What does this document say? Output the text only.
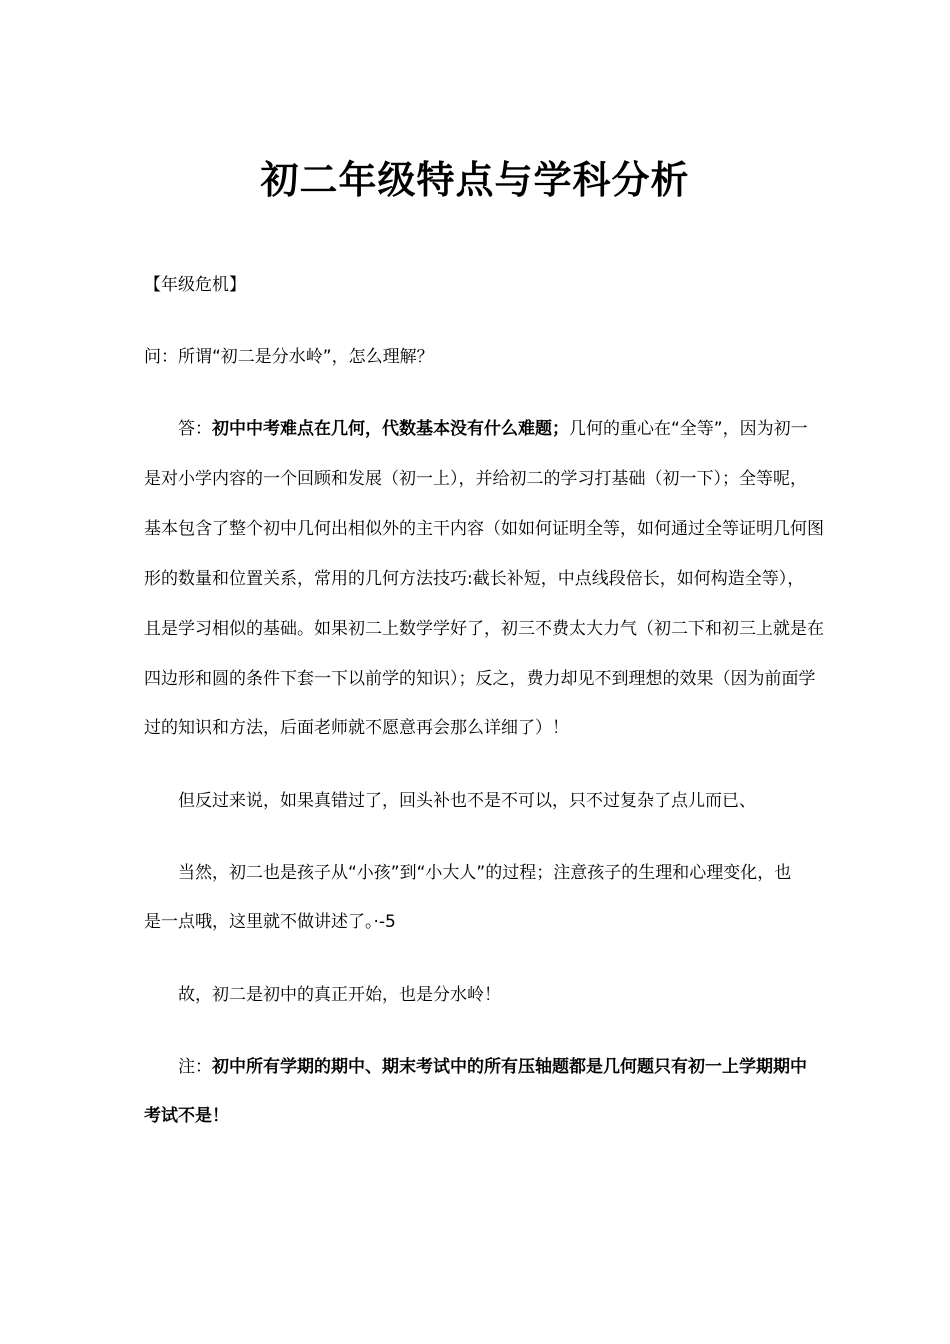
初二年级特点与学科分析
【年级危机】
问：所谓“初二是分水岭”，怎么理解？
答：初中中考难点在几何，代数基本没有什么难题；几何的重心在“全等”，因为初一
是对小学内容的一个回顾和发展（初一上），并给初二的学习打基础（初一下）；全等呢，
基本包含了整个初中几何出相似外的主干内容（如如何证明全等，如何通过全等证明几何图
形的数量和位置关系，常用的几何方法技巧:截长补短，中点线段倍长，如何构造全等），
且是学习相似的基础。如果初二上数学学好了，初三不费太大力气（初二下和初三上就是在
四边形和圆的条件下套一下以前学的知识）；反之，费力却见不到理想的效果（因为前面学
过的知识和方法，后面老师就不愿意再会那么详细了）！
但反过来说，如果真错过了，回头补也不是不可以，只不过复杂了点儿而已、
当然，初二也是孩子从“小孩”到“小大人”的过程；注意孩子的生理和心理变化，也
是一点哦，这里就不做讲述了。·-5
故，初二是初中的真正开始，也是分水岭！
注：初中所有学期的期中、期末考试中的所有压轴题都是几何题只有初一上学期期中
考试不是！
